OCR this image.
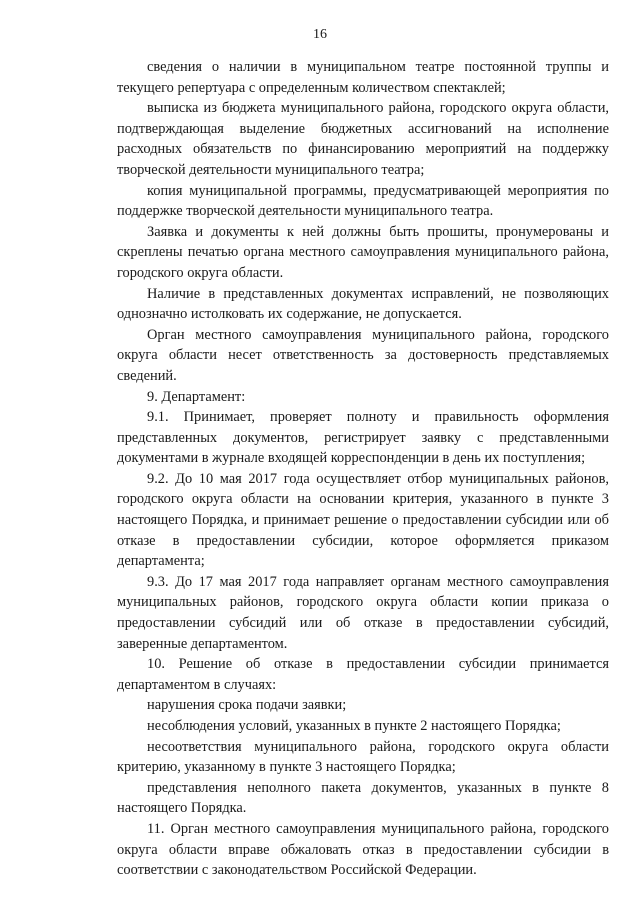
16

сведения о наличии в муниципальном театре постоянной труппы и текущего репертуара с определенным количеством спектаклей;

выписка из бюджета муниципального района, городского округа области, подтверждающая выделение бюджетных ассигнований на исполнение расходных обязательств по финансированию мероприятий на поддержку творческой деятельности муниципального театра;

копия муниципальной программы, предусматривающей мероприятия по поддержке творческой деятельности муниципального театра.

Заявка и документы к ней должны быть прошиты, пронумерованы и скреплены печатью органа местного самоуправления муниципального района, городского округа области.

Наличие в представленных документах исправлений, не позволяющих однозначно истолковать их содержание, не допускается.

Орган местного самоуправления муниципального района, городского округа области несет ответственность за достоверность представляемых сведений.

9. Департамент:

9.1. Принимает, проверяет полноту и правильность оформления представленных документов, регистрирует заявку с представленными документами в журнале входящей корреспонденции в день их поступления;

9.2. До 10 мая 2017 года осуществляет отбор муниципальных районов, городского округа области на основании критерия, указанного в пункте 3 настоящего Порядка, и принимает решение о предоставлении субсидии или об отказе в предоставлении субсидии, которое оформляется приказом департамента;

9.3. До 17 мая 2017 года направляет органам местного самоуправления муниципальных районов, городского округа области копии приказа о предоставлении субсидий или об отказе в предоставлении субсидий, заверенные департаментом.

10. Решение об отказе в предоставлении субсидии принимается департаментом в случаях:

нарушения срока подачи заявки;

несоблюдения условий, указанных в пункте 2 настоящего Порядка;

несоответствия муниципального района, городского округа области критерию, указанному в пункте 3 настоящего Порядка;

представления неполного пакета документов, указанных в пункте 8 настоящего Порядка.

11. Орган местного самоуправления муниципального района, городского округа области вправе обжаловать отказ в предоставлении субсидии в соответствии с законодательством Российской Федерации.
